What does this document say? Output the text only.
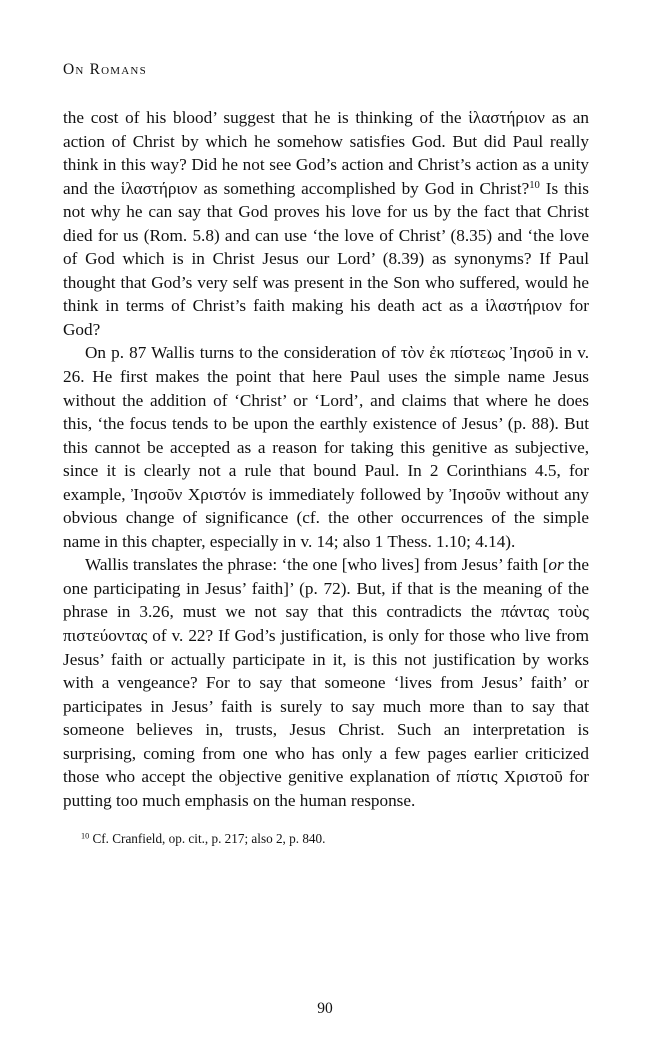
On Romans

the cost of his blood’ suggest that he is thinking of the ἱλαστήριον as an action of Christ by which he somehow satisfies God. But did Paul really think in this way? Did he not see God’s action and Christ’s action as a unity and the ἱλαστήριον as something accomplished by God in Christ?$^{10}$ Is this not why he can say that God proves his love for us by the fact that Christ died for us (Rom. 5.8) and can use ‘the love of Christ’ (8.35) and ‘the love of God which is in Christ Jesus our Lord’ (8.39) as synonyms? If Paul thought that God’s very self was present in the Son who suffered, would he think in terms of Christ’s faith making his death act as a ἱλαστήριον for God?

On p. 87 Wallis turns to the consideration of τὸν ἐκ πίστεως Ἰησοῦ in v. 26. He first makes the point that here Paul uses the simple name Jesus without the addition of ‘Christ’ or ‘Lord’, and claims that where he does this, ‘the focus tends to be upon the earthly existence of Jesus’ (p. 88). But this cannot be accepted as a reason for taking this genitive as subjective, since it is clearly not a rule that bound Paul. In 2 Corinthians 4.5, for example, Ἰησοῦν Χριστόν is immediately followed by Ἰησοῦν without any obvious change of significance (cf. the other occurrences of the simple name in this chapter, especially in v. 14; also 1 Thess. 1.10; 4.14).

Wallis translates the phrase: ‘the one [who lives] from Jesus’ faith [or the one participating in Jesus’ faith]’ (p. 72). But, if that is the meaning of the phrase in 3.26, must we not say that this contradicts the πάντας τοὺς πιστεύοντας of v. 22? If God’s justification, is only for those who live from Jesus’ faith or actually participate in it, is this not justification by works with a vengeance? For to say that someone ‘lives from Jesus’ faith’ or participates in Jesus’ faith is surely to say much more than to say that someone believes in, trusts, Jesus Christ. Such an interpretation is surprising, coming from one who has only a few pages earlier criticized those who accept the objective genitive explanation of πίστις Χριστοῦ for putting too much emphasis on the human response.

$^{10}$ Cf. Cranfield, op. cit., p. 217; also 2, p. 840.
90
